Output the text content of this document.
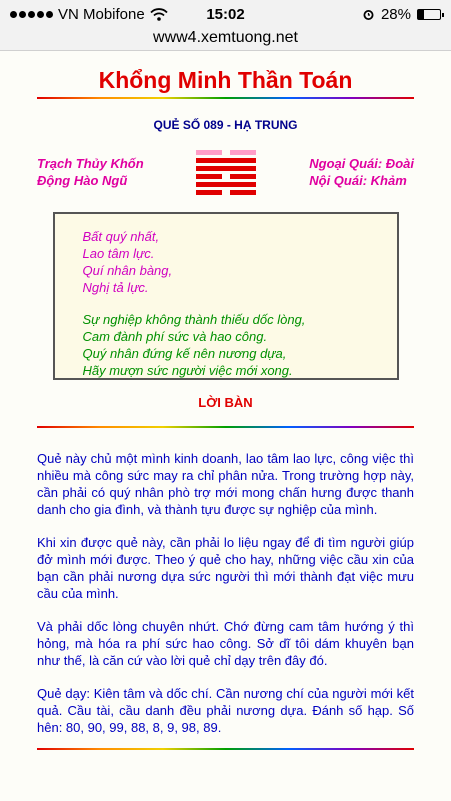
VN Mobifone	15:02	28%
www4.xemtuong.net
Khổng Minh Thần Toán
QUẺ SỐ 089 - HẠ TRUNG
Trạch Thủy Khốn
Động Hào Ngũ
Ngoại Quái: Đoài
Nội Quái: Khảm
Bất quý nhất,
Lao tâm lực.
Quí nhân bàng,
Nghị tả lực.
Sự nghiệp không thành thiếu dốc lòng,
Cam đành phí sức và hao công.
Quý nhân đứng kế nên nương dựa,
Hãy mượn sức người việc mới xong.
LỜI BÀN
Quẻ này chủ một mình kinh doanh, lao tâm lao lực, công việc thì nhiều mà công sức may ra chỉ phân nửa. Trong trường hợp này, cần phải có quý nhân phò trợ mới mong chấn hưng được thanh danh cho gia đình, và thành tựu được sự nghiệp của mình.
Khi xin được quẻ này, cần phải lo liệu ngay để đi tìm người giúp đở mình mới được. Theo ý quẻ cho hay, những việc cầu xin của bạn cần phải nương dựa sức người thì mới thành đạt việc mưu cầu của mình.
Và phải dốc lòng chuyên nhứt. Chớ đừng cam tâm hướng ý thì hỏng, mà hóa ra phí sức hao công. Sở dĩ tôi dám khuyên bạn như thế, là căn cứ vào lời quẻ chỉ dạy trên đây đó.
Quẻ dạy: Kiên tâm và dốc chí. Cần nương chí của người mới kết quả. Cầu tài, cầu danh đều phải nương dựa. Đánh số hạp. Số hên: 80, 90, 99, 88, 8, 9, 98, 89.
